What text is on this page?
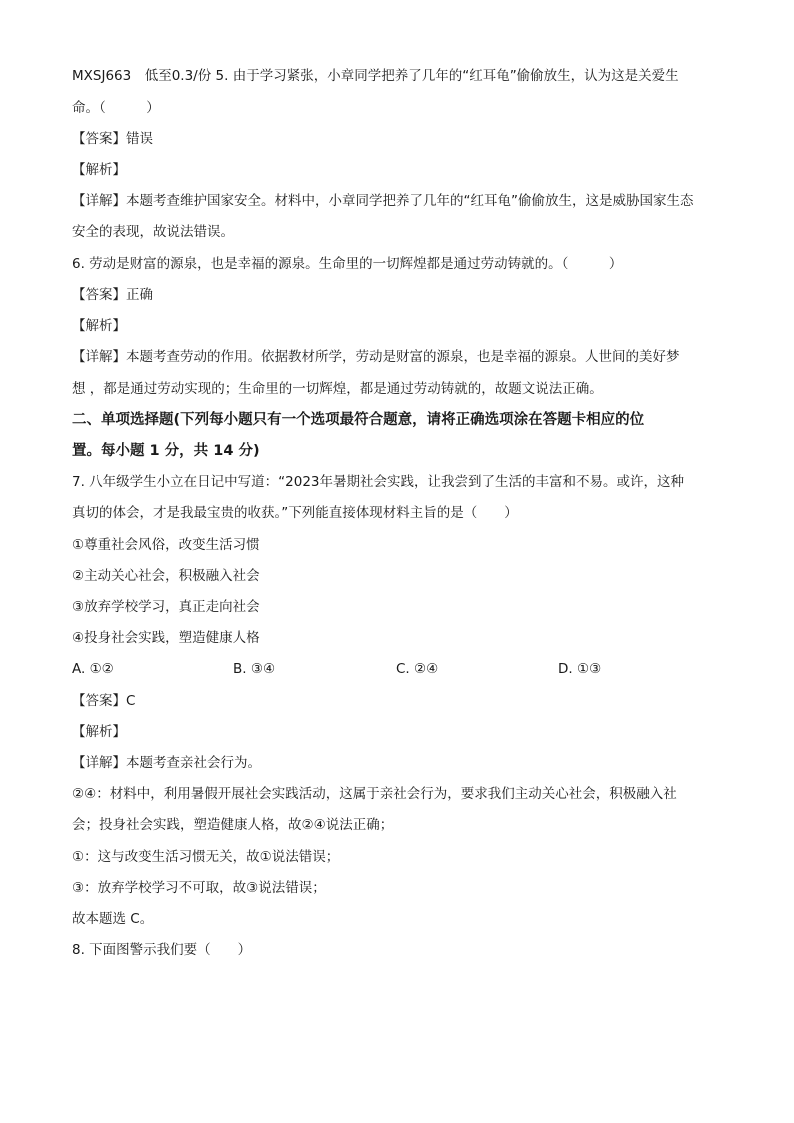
MXSJ663　低至0.3/份 5. 由于学习紧张，小章同学把养了几年的“红耳龟”偷偷放生，认为这是关爱生
命。（　　　）
【答案】错误
【解析】
【详解】本题考查维护国家安全。材料中，小章同学把养了几年的“红耳龟”偷偷放生，这是威胁国家生态
安全的表现，故说法错误。
6. 劳动是财富的源泉，也是幸福的源泉。生命里的一切辉煌都是通过劳动铸就的。（　　　）
【答案】正确
【解析】
【详解】本题考查劳动的作用。依据教材所学，劳动是财富的源泉，也是幸福的源泉。人世间的美好梦
想 ，都是通过劳动实现的；生命里的一切辉煌，都是通过劳动铸就的，故题文说法正确。
二、单项选择题(下列每小题只有一个选项最符合题意，请将正确选项涂在答题卡相应的位
置。每小题 1 分，共 14 分)
7. 八年级学生小立在日记中写道：“2023年暑期社会实践，让我尝到了生活的丰富和不易。或许，这种
真切的体会，才是我最宝贵的收获。”下列能直接体现材料主旨的是（　　）
①尊重社会风俗，改变生活习惯
②主动关心社会，积极融入社会
③放弃学校学习，真正走向社会
④投身社会实践，塑造健康人格
A. ①②	B. ③④	C. ②④	D. ①③
【答案】C
【解析】
【详解】本题考查亲社会行为。
②④：材料中，利用暑假开展社会实践活动，这属于亲社会行为，要求我们主动关心社会，积极融入社
会；投身社会实践，塑造健康人格，故②④说法正确；
①：这与改变生活习惯无关，故①说法错误；
③：放弃学校学习不可取，故③说法错误；
故本题选 C。
8. 下面图警示我们要（　　）
